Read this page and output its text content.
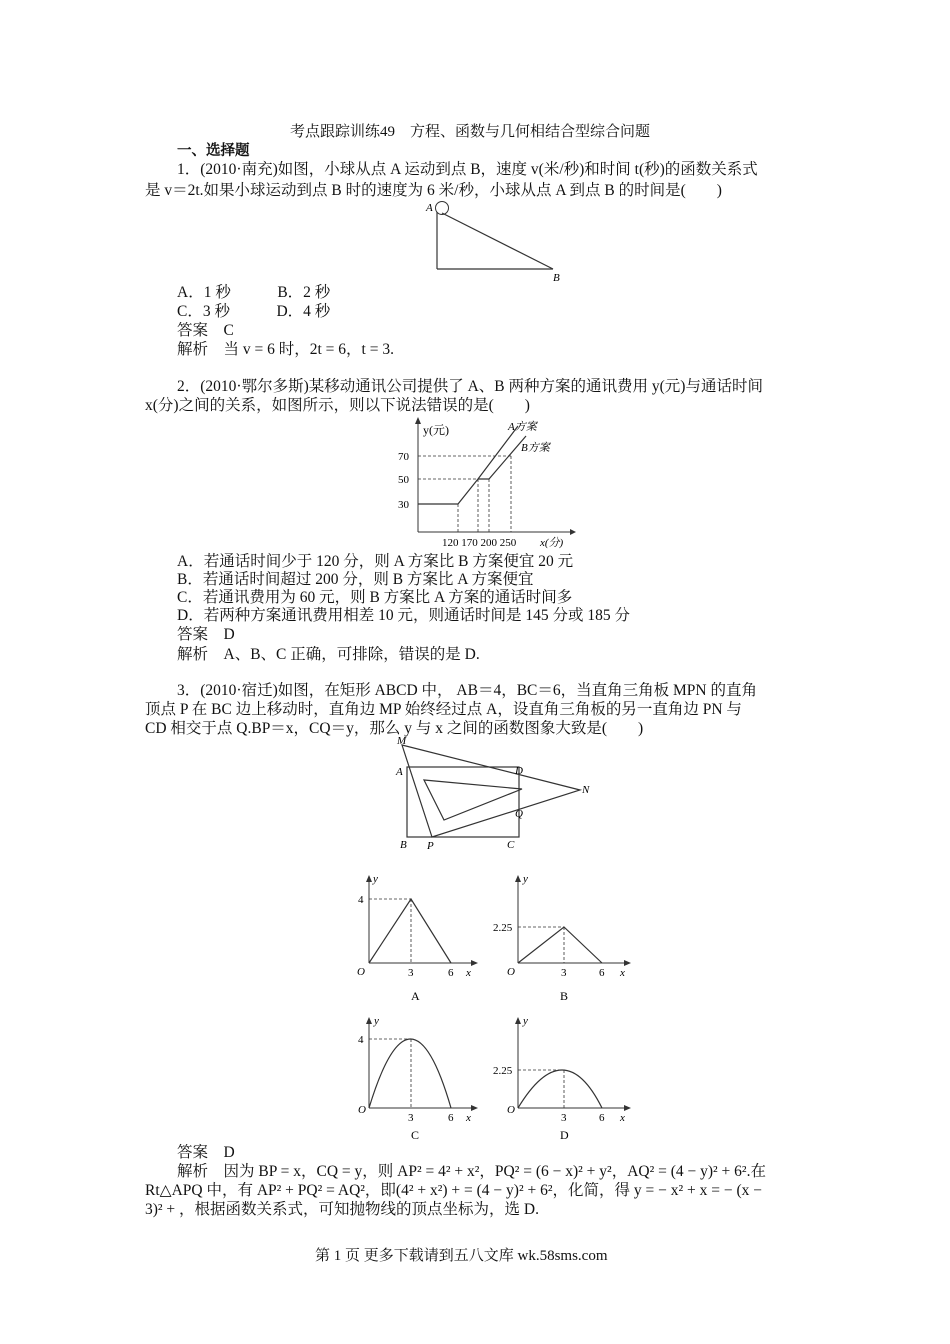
考点跟踪训练49　方程、函数与几何相结合型综合问题
一、选择题
1．(2010·南充)如图，小球从点 A 运动到点 B，速度 v(米/秒)和时间 t(秒)的函数关系式
是 v＝2t.如果小球运动到点 B 时的速度为 6 米/秒，小球从点 A 到点 B 的时间是(　　)
A
B
A．1 秒　　　B．2 秒
C．3 秒　　　D．4 秒
答案　C
解析　当 v = 6 时，2t = 6，t = 3.
2．(2010·鄂尔多斯)某移动通讯公司提供了 A、B 两种方案的通讯费用 y(元)与通话时间
x(分)之间的关系，如图所示，则以下说法错误的是(　　)
y(元)	A方案
B方案
70
50
30
120 170 200 250 x(分)
A．若通话时间少于 120 分，则 A 方案比 B 方案便宜 20 元
B．若通话时间超过 200 分，则 B 方案比 A 方案便宜
C．若通讯费用为 60 元，则 B 方案比 A 方案的通话时间多
D．若两种方案通讯费用相差 10 元，则通话时间是 145 分或 185 分
答案　D
解析　A、B、C 正确，可排除，错误的是 D.
3．(2010·宿迁)如图，在矩形 ABCD 中， AB＝4，BC＝6，当直角三角板 MPN 的直角
顶点 P 在 BC 边上移动时，直角边 MP 始终经过点 A，设直角三角板的另一直角边 PN 与
CD 相交于点 Q.BP＝x，CQ＝y，那么 y 与 x 之间的函数图象大致是(　　)
M
A	D
N
Q
B P	C
y
4
O	3	6 x
A
y
2.25
O	3	6 x
B
y
4
O
3	6 x
C
y
2.25
O
3	6 x
D
答案　D
解析　因为 BP = x，CQ = y，则 AP² = 4² + x²，PQ² = (6 − x)² + y²，AQ² = (4 − y)² + 6².在
Rt△APQ 中，有 AP² + PQ² = AQ²，即(4² + x²) + = (4 − y)² + 6²，化简，得 y = − x² + x = − (x −
3)² + ，根据函数关系式，可知抛物线的顶点坐标为，选 D.
第 1 页 更多下载请到五八文库 wk.58sms.com
